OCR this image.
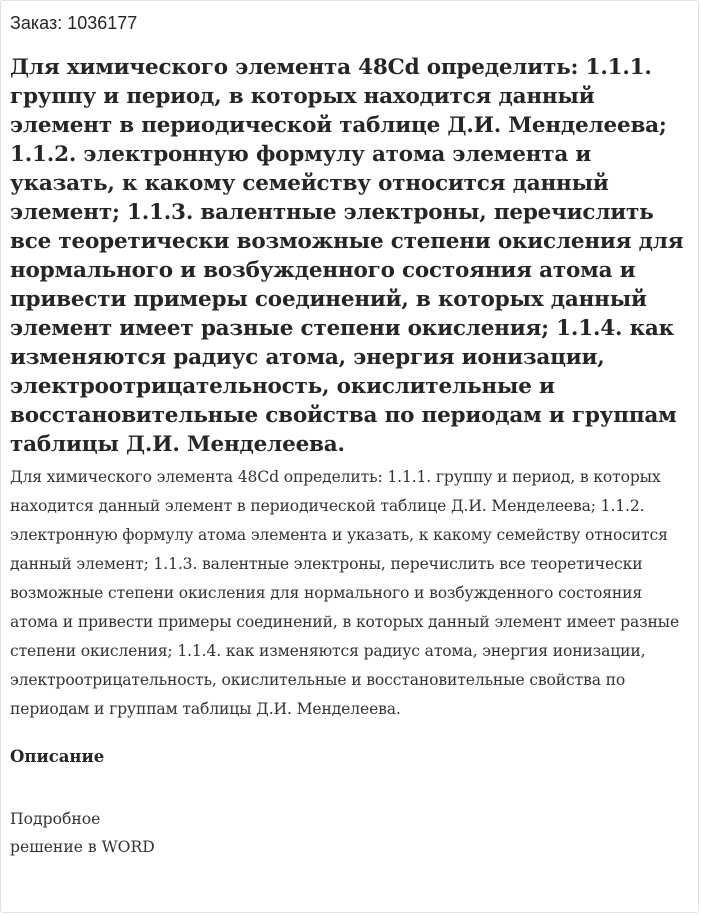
Заказ: 1036177
Для химического элемента 48Cd определить: 1.1.1. группу и период, в которых находится данный элемент в периодической таблице Д.И. Менделеева; 1.1.2. электронную формулу атома элемента и указать, к какому семейству относится данный элемент; 1.1.3. валентные электроны, перечислить все теоретически возможные степени окисления для нормального и возбужденного состояния атома и привести примеры соединений, в которых данный элемент имеет разные степени окисления; 1.1.4. как изменяются радиус атома, энергия ионизации, электроотрицательность, окислительные и восстановительные свойства по периодам и группам таблицы Д.И. Менделеева.

Для химического элемента 48Cd определить: 1.1.1. группу и период, в которых находится данный элемент в периодической таблице Д.И. Менделеева; 1.1.2. электронную формулу атома элемента и указать, к какому семейству относится данный элемент; 1.1.3. валентные электроны, перечислить все теоретически возможные степени окисления для нормального и возбужденного состояния атома и привести примеры соединений, в которых данный элемент имеет разные степени окисления; 1.1.4. как изменяются радиус атома, энергия ионизации, электроотрицательность, окислительные и восстановительные свойства по периодам и группам таблицы Д.И. Менделеева.

Описание

Подробное

решение в WORD
